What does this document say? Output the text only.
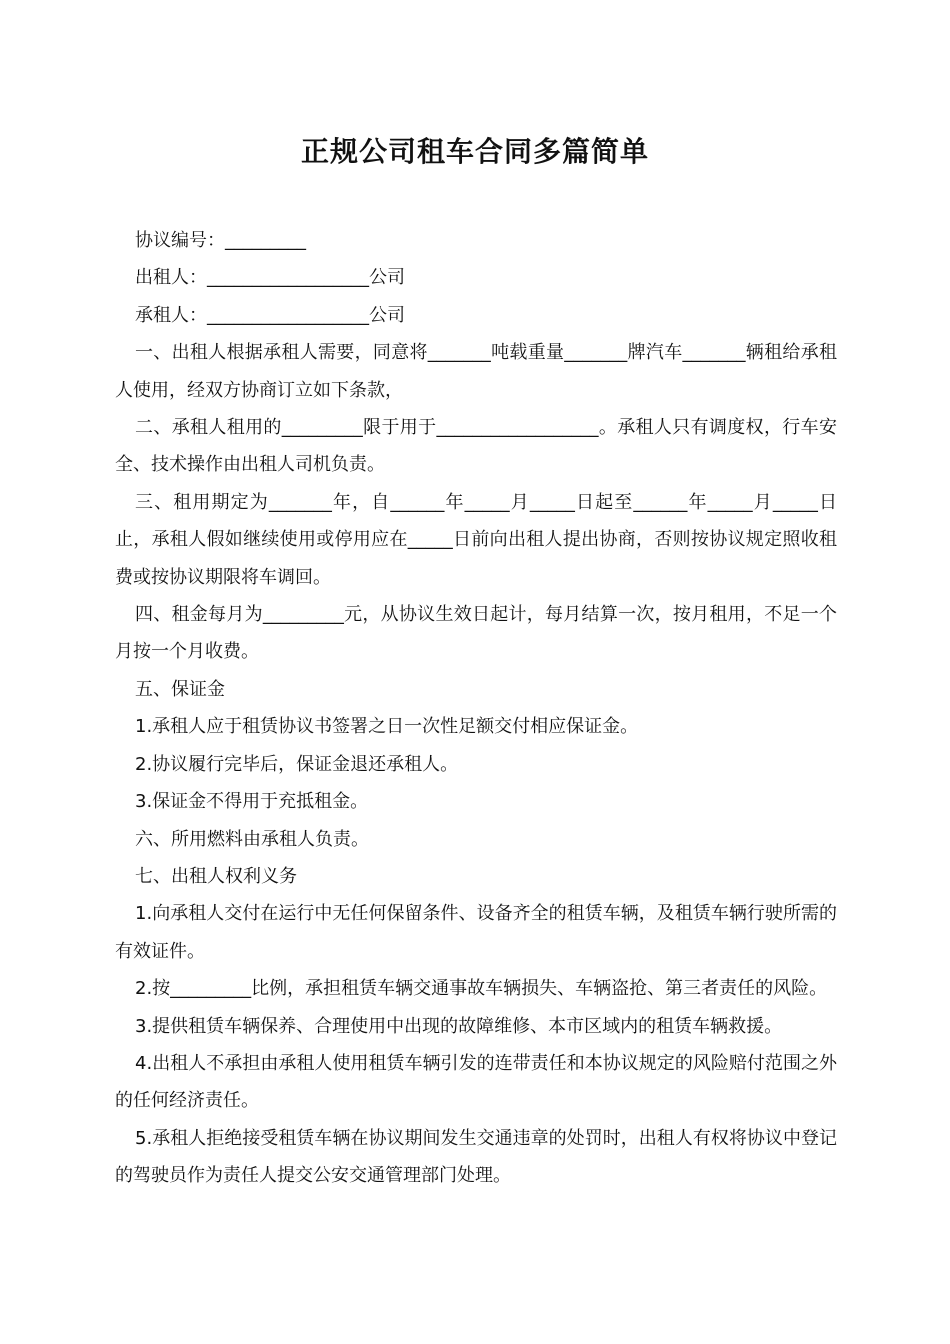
正规公司租车合同多篇简单

协议编号：_________

出租人：__________________公司

承租人：__________________公司

一、出租人根据承租人需要，同意将_______吨载重量_______牌汽车_______辆租给承租人使用，经双方协商订立如下条款，

二、承租人租用的_________限于用于__________________。承租人只有调度权，行车安全、技术操作由出租人司机负责。

三、租用期定为_______年，自______年_____月_____日起至______年_____月_____日止，承租人假如继续使用或停用应在_____日前向出租人提出协商，否则按协议规定照收租费或按协议期限将车调回。

四、租金每月为_________元，从协议生效日起计，每月结算一次，按月租用，不足一个月按一个月收费。

五、保证金

1.承租人应于租赁协议书签署之日一次性足额交付相应保证金。

2.协议履行完毕后，保证金退还承租人。

3.保证金不得用于充抵租金。

六、所用燃料由承租人负责。

七、出租人权利义务

1.向承租人交付在运行中无任何保留条件、设备齐全的租赁车辆，及租赁车辆行驶所需的有效证件。

2.按_________比例，承担租赁车辆交通事故车辆损失、车辆盗抢、第三者责任的风险。

3.提供租赁车辆保养、合理使用中出现的故障维修、本市区域内的租赁车辆救援。

4.出租人不承担由承租人使用租赁车辆引发的连带责任和本协议规定的风险赔付范围之外的任何经济责任。

5.承租人拒绝接受租赁车辆在协议期间发生交通违章的处罚时，出租人有权将协议中登记的驾驶员作为责任人提交公安交通管理部门处理。
